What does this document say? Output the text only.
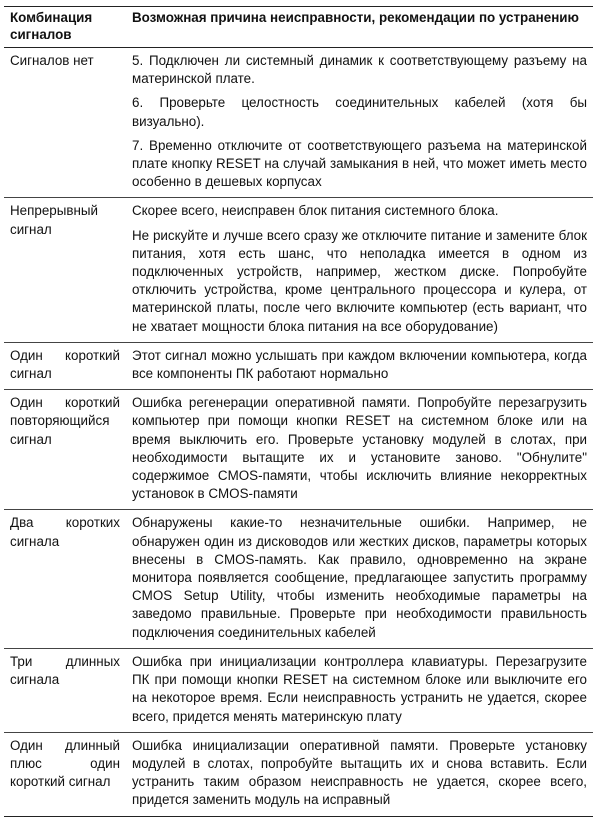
Комбинация сигналов	Возможная причина неисправности, рекомендации по устранению
Сигналов нет	5. Подключен ли системный динамик к соответствующему разъему на материнской плате.

6. Проверьте целостность соединительных кабелей (хотя бы визуально).

7. Временно отключите от соответствующего разъема на материнской плате кнопку RESET на случай замыкания в ней, что может иметь место особенно в дешевых корпусах

Непрерывный сигнал	Скорее всего, неисправен блок питания системного блока.

Не рискуйте и лучше всего сразу же отключите питание и замените блок питания, хотя есть шанс, что неполадка имеется в одном из подключенных устройств, например, жестком диске. Попробуйте отключить устройства, кроме центрального процессора и кулера, от материнской платы, после чего включите компьютер (есть вариант, что не хватает мощности блока питания на все оборудование)

Один короткий сигнал	Этот сигнал можно услышать при каждом включении компьютера, когда все компоненты ПК работают нормально

Один короткий повторяющийся сигнал	Ошибка регенерации оперативной памяти. Попробуйте перезагрузить компьютер при помощи кнопки RESET на системном блоке или на время выключить его. Проверьте установку модулей в слотах, при необходимости вытащите их и установите заново. "Обнулите" содержимое CMOS-памяти, чтобы исключить влияние некорректных установок в CMOS-памяти

Два коротких сигнала	Обнаружены какие-то незначительные ошибки. Например, не обнаружен один из дисководов или жестких дисков, параметры которых внесены в CMOS-память. Как правило, одновременно на экране монитора появляется сообщение, предлагающее запустить программу CMOS Setup Utility, чтобы изменить необходимые параметры на заведомо правильные. Проверьте при необходимости правильность подключения соединительных кабелей

Три длинных сигнала	Ошибка при инициализации контроллера клавиатуры. Перезагрузите ПК при помощи кнопки RESET на системном блоке или выключите его на некоторое время. Если неисправность устранить не удается, скорее всего, придется менять материнскую плату

Один длинный плюс один короткий сигнал	Ошибка инициализации оперативной памяти. Проверьте установку модулей в слотах, попробуйте вытащить их и снова вставить. Если устранить таким образом неисправность не удается, скорее всего, придется заменить модуль на исправный
